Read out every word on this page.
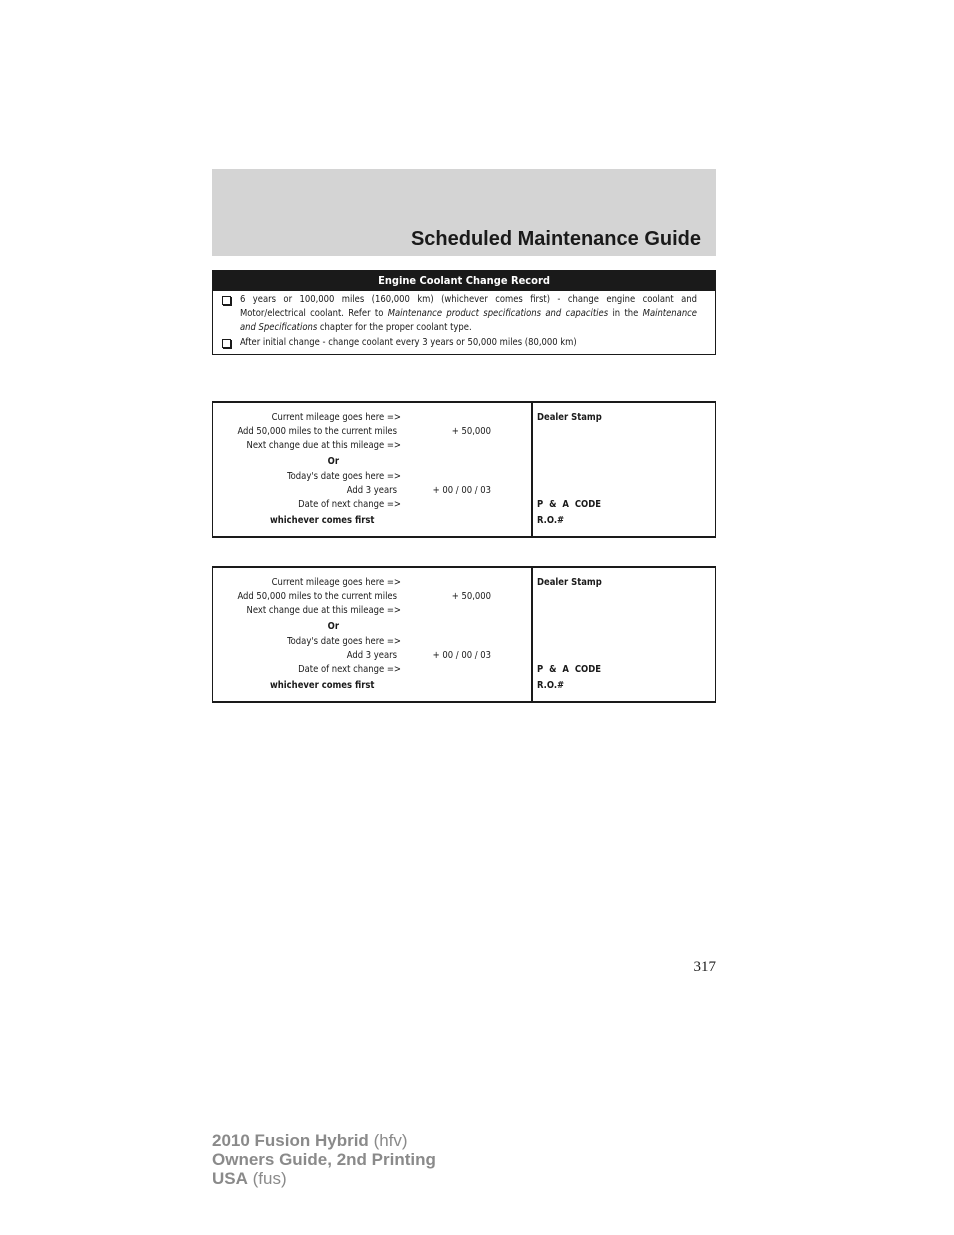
Scheduled Maintenance Guide
Engine Coolant Change Record
6 years or 100,000 miles (160,000 km) (whichever comes first) - change engine coolant and Motor/electrical coolant. Refer to Maintenance product specifications and capacities in the Maintenance and Specifications chapter for the proper coolant type.
After initial change - change coolant every 3 years or 50,000 miles (80,000 km)
Current mileage goes here =>
Add 50,000 miles to the current miles	+ 50,000
Next change due at this mileage =>
Or
Today's date goes here =>
Add 3 years	+ 00 / 00 / 03
Date of next change =>
whichever comes first
Dealer Stamp
P & A CODE
R.O.#
Current mileage goes here =>
Add 50,000 miles to the current miles	+ 50,000
Next change due at this mileage =>
Or
Today's date goes here =>
Add 3 years	+ 00 / 00 / 03
Date of next change =>
whichever comes first
Dealer Stamp
P & A CODE
R.O.#
317
2010 Fusion Hybrid (hfv)
Owners Guide, 2nd Printing
USA (fus)
